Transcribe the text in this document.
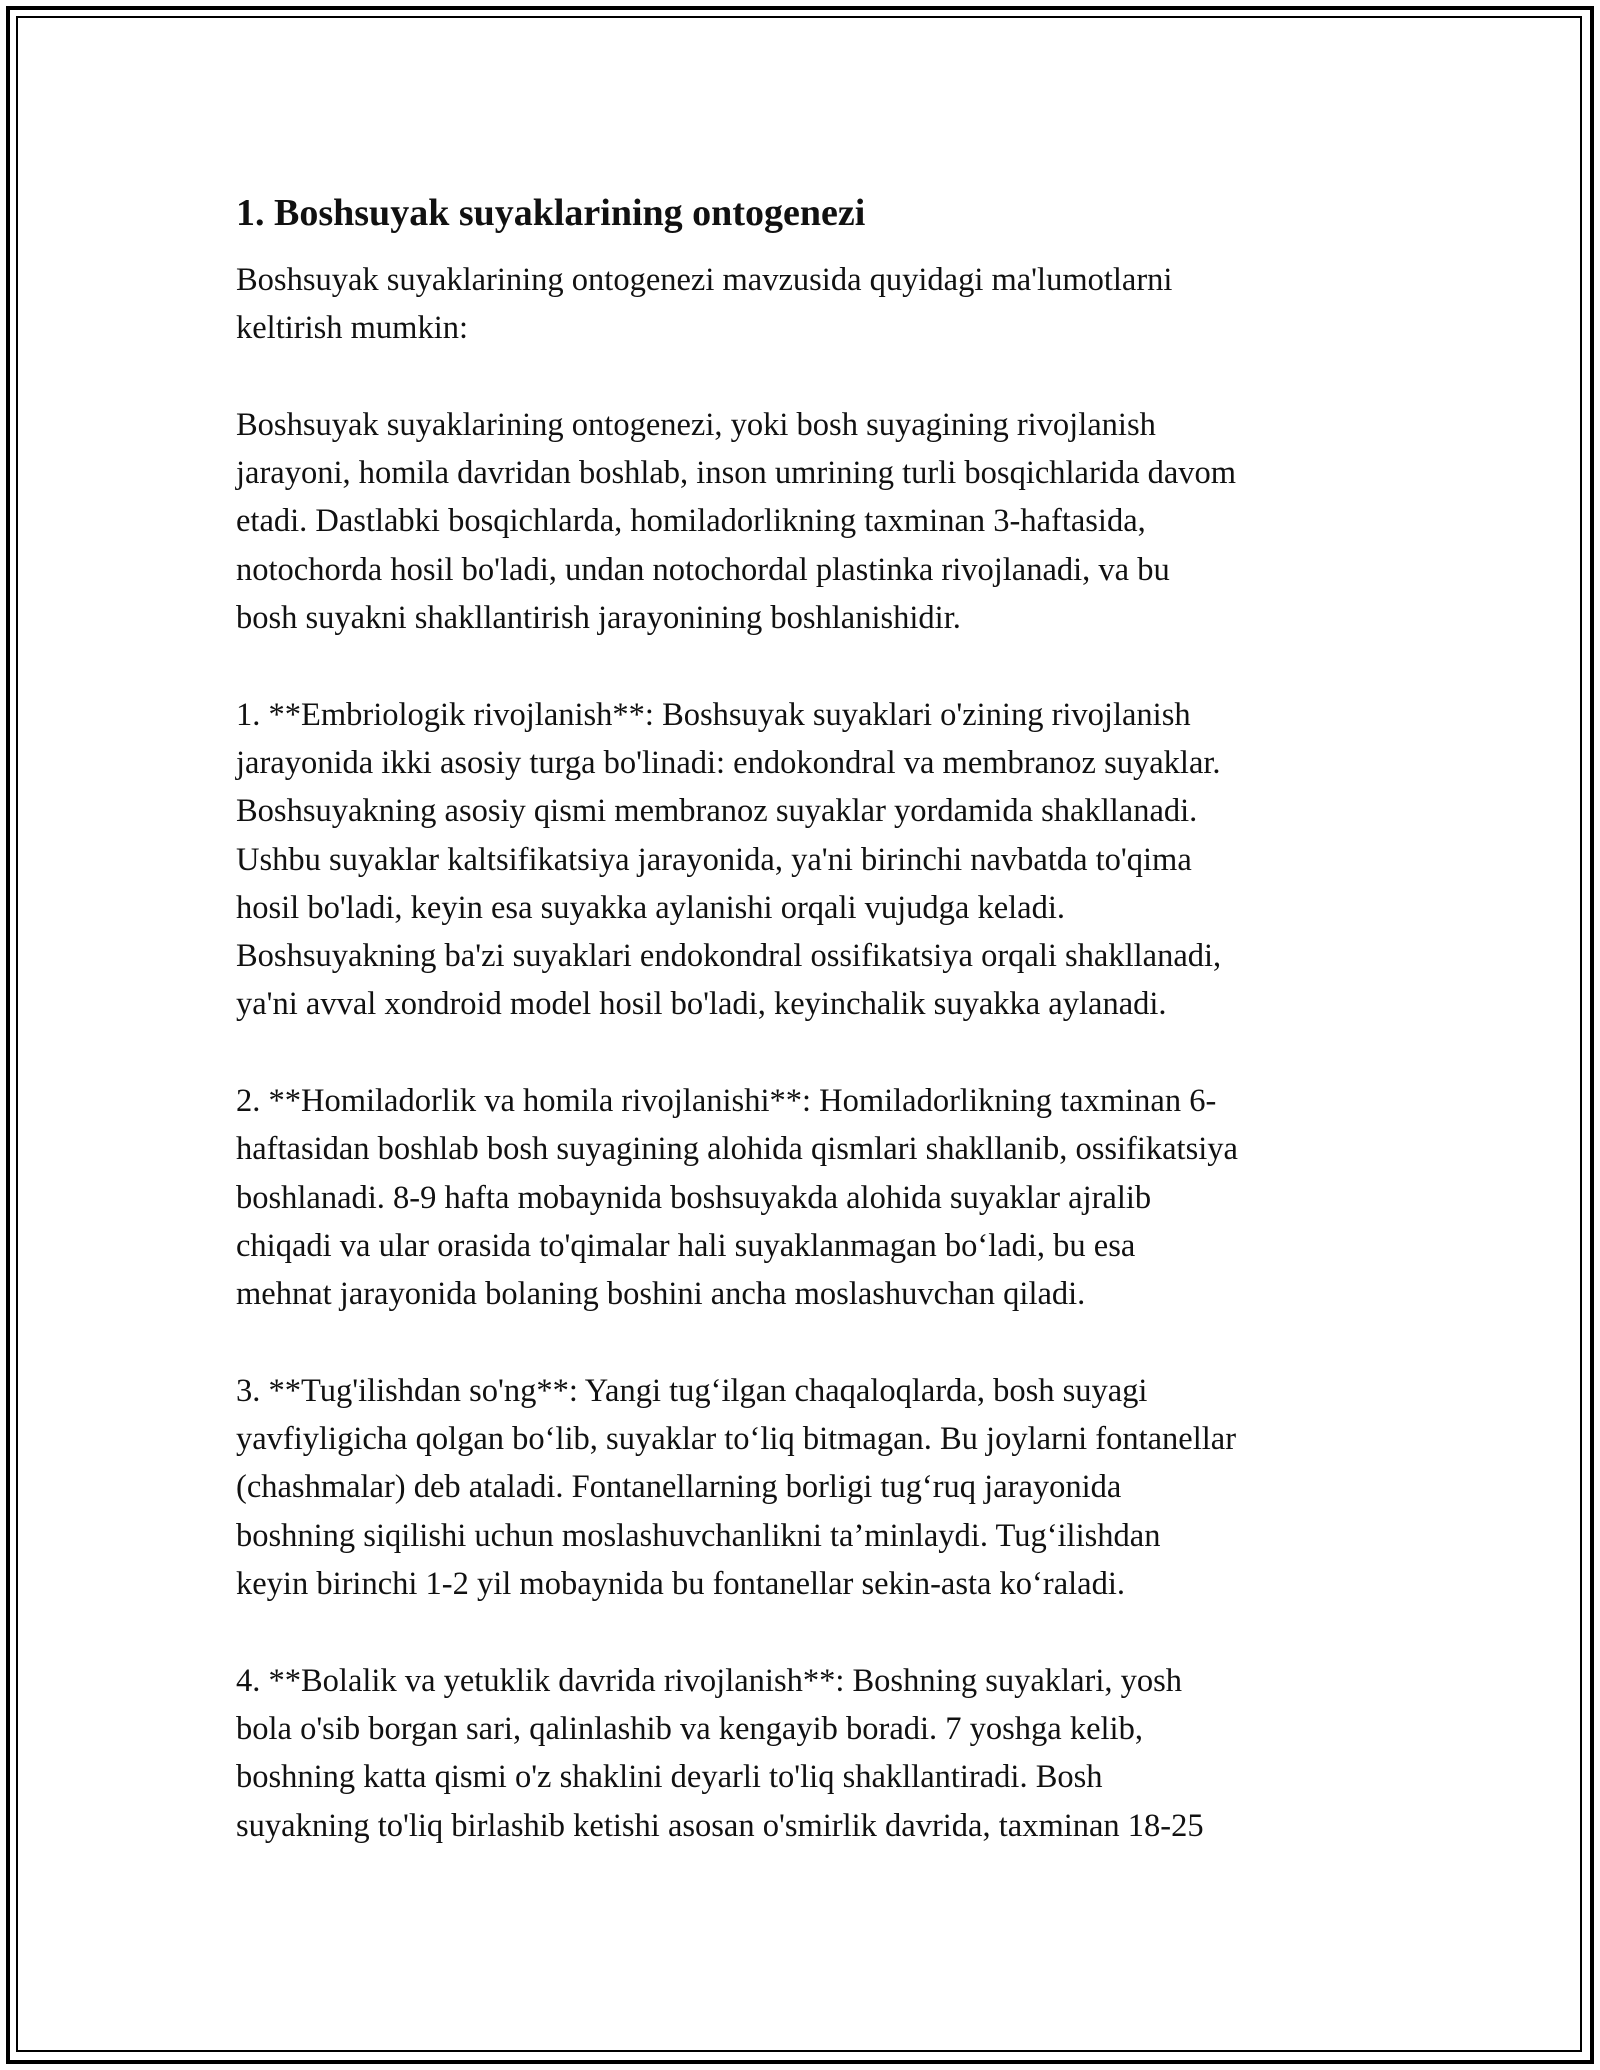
1. Boshsuyak suyaklarining ontogenezi

Boshsuyak suyaklarining ontogenezi mavzusida quyidagi ma'lumotlarni
keltirish mumkin:

Boshsuyak suyaklarining ontogenezi, yoki bosh suyagining rivojlanish
jarayoni, homila davridan boshlab, inson umrining turli bosqichlarida davom
etadi. Dastlabki bosqichlarda, homiladorlikning taxminan 3-haftasida,
notochorda hosil bo'ladi, undan notochordal plastinka rivojlanadi, va bu
bosh suyakni shakllantirish jarayonining boshlanishidir.

1. **Embriologik rivojlanish**: Boshsuyak suyaklari o'zining rivojlanish
jarayonida ikki asosiy turga bo'linadi: endokondral va membranoz suyaklar.
Boshsuyakning asosiy qismi membranoz suyaklar yordamida shakllanadi.
Ushbu suyaklar kaltsifikatsiya jarayonida, ya'ni birinchi navbatda to'qima
hosil bo'ladi, keyin esa suyakka aylanishi orqali vujudga keladi.
Boshsuyakning ba'zi suyaklari endokondral ossifikatsiya orqali shakllanadi,
ya'ni avval xondroid model hosil bo'ladi, keyinchalik suyakka aylanadi.

2. **Homiladorlik va homila rivojlanishi**: Homiladorlikning taxminan 6-
haftasidan boshlab bosh suyagining alohida qismlari shakllanib, ossifikatsiya
boshlanadi. 8-9 hafta mobaynida boshsuyakda alohida suyaklar ajralib
chiqadi va ular orasida to'qimalar hali suyaklanmagan bo‘ladi, bu esa
mehnat jarayonida bolaning boshini ancha moslashuvchan qiladi.

3. **Tug'ilishdan so'ng**: Yangi tug‘ilgan chaqaloqlarda, bosh suyagi
yavfiyligicha qolgan bo‘lib, suyaklar to‘liq bitmagan. Bu joylarni fontanellar
(chashmalar) deb ataladi. Fontanellarning borligi tug‘ruq jarayonida
boshning siqilishi uchun moslashuvchanlikni ta’minlaydi. Tug‘ilishdan
keyin birinchi 1-2 yil mobaynida bu fontanellar sekin-asta ko‘raladi.

4. **Bolalik va yetuklik davrida rivojlanish**: Boshning suyaklari, yosh
bola o'sib borgan sari, qalinlashib va kengayib boradi. 7 yoshga kelib,
boshning katta qismi o'z shaklini deyarli to'liq shakllantiradi. Bosh
suyakning to'liq birlashib ketishi asosan o'smirlik davrida, taxminan 18-25
